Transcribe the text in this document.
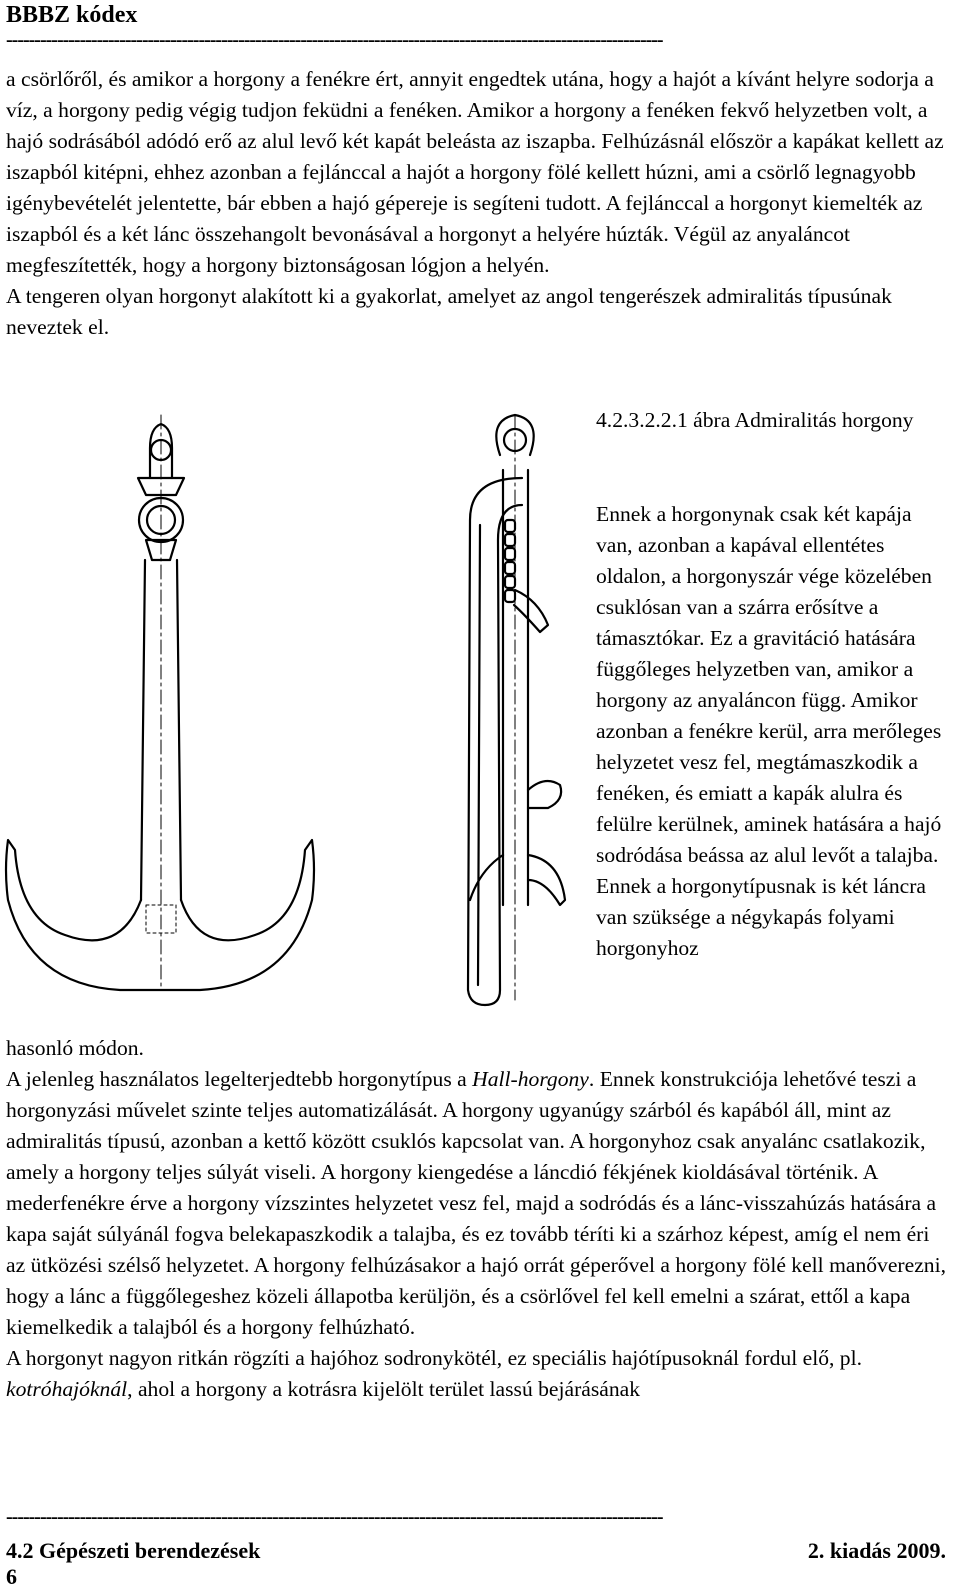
BBBZ kódex
--------------------------------------------------------------------------------------------------------------------

a csörlőről, és amikor a horgony a fenékre ért, annyit engedtek utána, hogy a hajót a kívánt helyre sodorja a víz, a horgony pedig végig tudjon feküdni a fenéken. Amikor a horgony a fenéken fekvő helyzetben volt, a hajó sodrásából adódó erő az alul levő két kapát beleásta az iszapba. Felhúzásnál először a kapákat kellett az iszapból kitépni, ehhez azonban a fejlánccal a hajót a horgony fölé kellett húzni, ami a csörlő legnagyobb igénybevételét jelentette, bár ebben a hajó gépereje is segíteni tudott. A fejlánccal a horgonyt kiemelték az iszapból és a két lánc összehangolt bevonásával a horgonyt a helyére húzták. Végül az anyaláncot megfeszítették, hogy a horgony biztonságosan lógjon a helyén.

A tengeren olyan horgonyt alakított ki a gyakorlat, amelyet az angol tengerészek admiralitás típusúnak neveztek el.

4.2.3.2.2.1 ábra Admiralitás horgony
Ennek a horgonynak csak két kapája van, azonban a kapával ellentétes oldalon, a horgonyszár vége közelében csuklósan van a szárra erősítve a támasztókar. Ez a gravitáció hatására függőleges helyzetben van, amikor a horgony az anyaláncon függ. Amikor azonban a fenékre kerül, arra merőleges helyzetet vesz fel, megtámaszkodik a fenéken, és emiatt a kapák alulra és felülre kerülnek, aminek hatására a hajó sodródása beássa az alul levőt a talajba. Ennek a horgonytípusnak is két láncra van szüksége a négykapás folyami horgonyhoz

hasonló módon.

A jelenleg használatos legelterjedtebb horgonytípus a Hall-horgony. Ennek konstrukciója lehetővé teszi a horgonyzási művelet szinte teljes automatizálását. A horgony ugyanúgy szárból és kapából áll, mint az admiralitás típusú, azonban a kettő között csuklós kapcsolat van. A horgonyhoz csak anyalánc csatlakozik, amely a horgony teljes súlyát viseli. A horgony kiengedése a láncdió fékjének kioldásával történik. A mederfenékre érve a horgony vízszintes helyzetet vesz fel, majd a sodródás és a lánc-visszahúzás hatására a kapa saját súlyánál fogva belekapaszkodik a talajba, és ez tovább téríti ki a szárhoz képest, amíg el nem éri az ütközési szélső helyzetet. A horgony felhúzásakor a hajó orrát géperővel a horgony fölé kell manőverezni, hogy a lánc a függőlegeshez közeli állapotba kerüljön, és a csörlővel fel kell emelni a szárat, ettől a kapa kiemelkedik a talajból és a horgony felhúzható.

A horgonyt nagyon ritkán rögzíti a hajóhoz sodronykötél, ez speciális hajótípusoknál fordul elő, pl. kotróhajóknál, ahol a horgony a kotrásra kijelölt terület lassú bejárásának

--------------------------------------------------------------------------------------------------------------------
4.2 Gépészeti berendezések	2. kiadás 2009.
6
